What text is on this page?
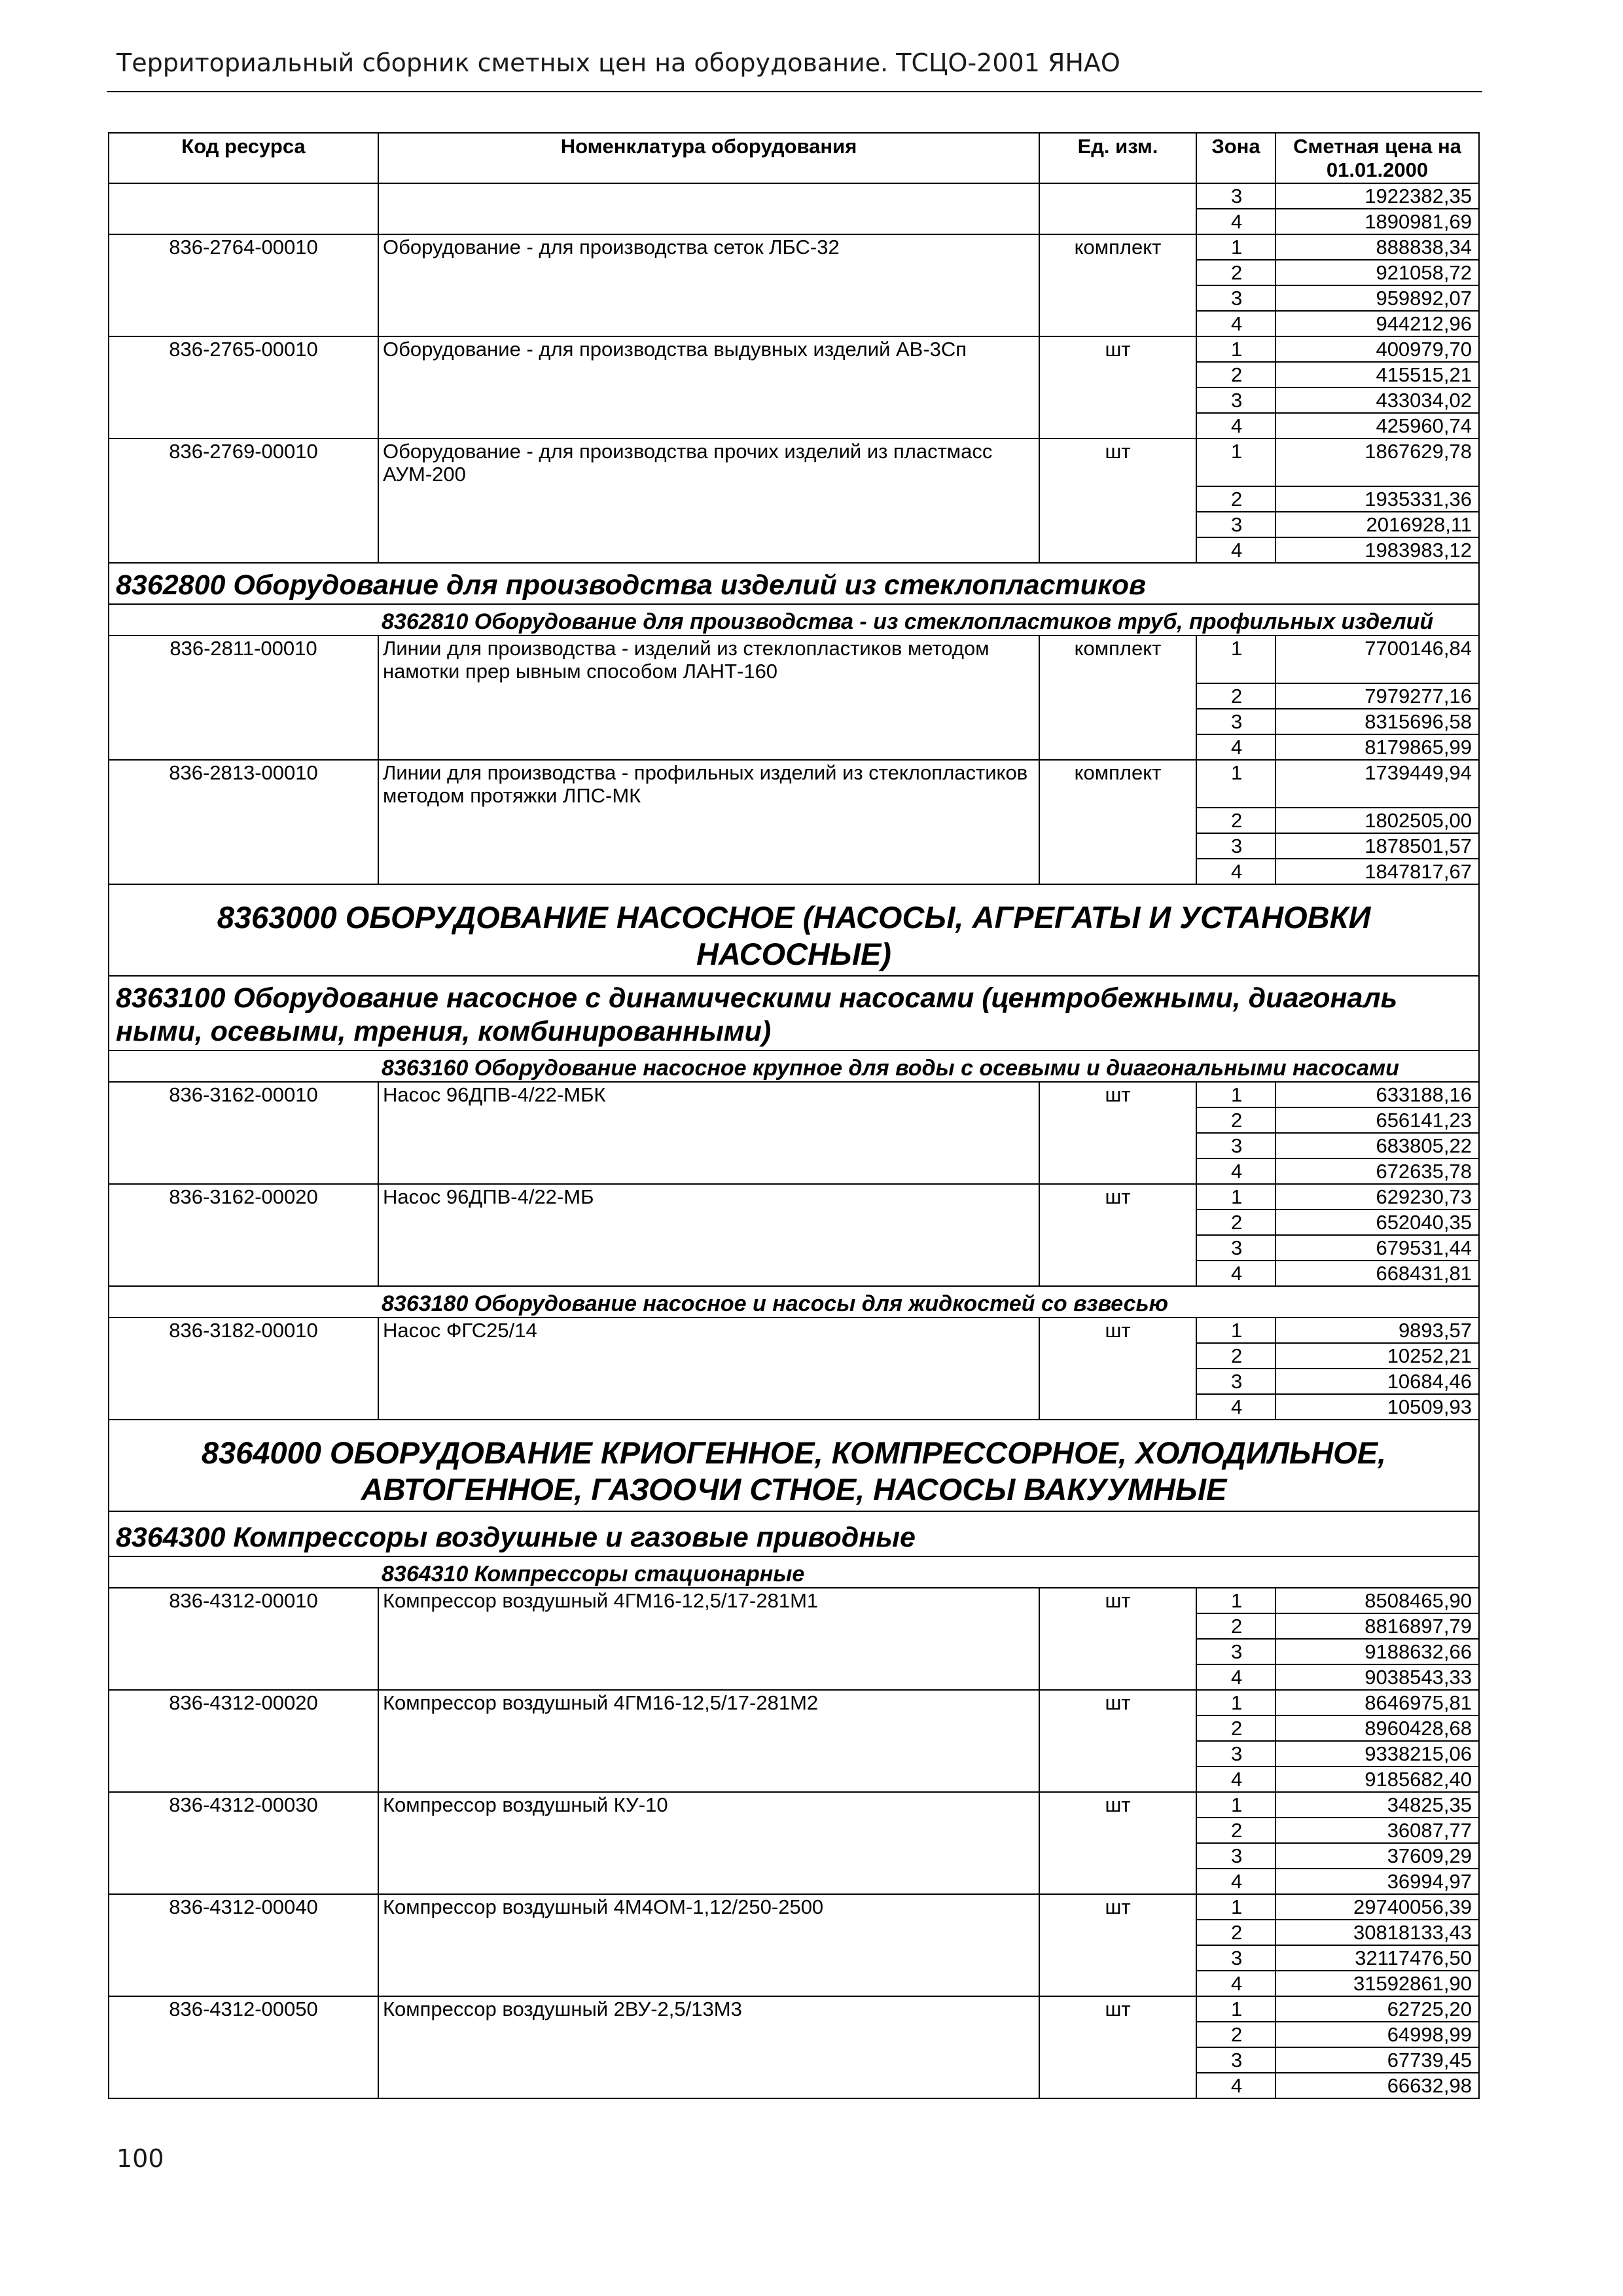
Территориальный сборник сметных цен на оборудование. ТСЦО-2001 ЯНАО
Код ресурса	Номенклатура оборудования	Ед. изм.	Зона	Сметная цена на 01.01.2000
			3	1922382,35
			4	1890981,69
836-2764-00010	Оборудование - для производства сеток ЛБС-32	комплект	1	888838,34
			2	921058,72
			3	959892,07
			4	944212,96
836-2765-00010	Оборудование - для производства выдувных изделий АВ-3Сп	шт	1	400979,70
			2	415515,21
			3	433034,02
			4	425960,74
836-2769-00010	Оборудование - для производства прочих изделий из пластмасс АУМ-200	шт	1	1867629,78
			2	1935331,36
			3	2016928,11
			4	1983983,12
8362800 Оборудование для производства изделий из стеклопластиков				
8362810 Оборудование для производства - из стеклопластиков труб, профильных изделий				
836-2811-00010	Линии для производства - изделий из стеклопластиков методом намотки прер ывным способом ЛАНТ-160	комплект	1	7700146,84
			2	7979277,16
			3	8315696,58
			4	8179865,99
836-2813-00010	Линии для производства - профильных изделий из стеклопластиков методом протяжки ЛПС-МК	комплект	1	1739449,94
			2	1802505,00
			3	1878501,57
			4	1847817,67
8363000 ОБОРУДОВАНИЕ НАСОСНОЕ (НАСОСЫ, АГРЕГАТЫ И УСТАНОВКИ НАСОСНЫЕ)				
8363100 Оборудование насосное с динамическими насосами (центробежными, диагональ ными, осевыми, трения, комбинированными)				
8363160 Оборудование насосное крупное для воды с осевыми и диагональными насосами				
836-3162-00010	Насос 96ДПВ-4/22-МБК	шт	1	633188,16
			2	656141,23
			3	683805,22
			4	672635,78
836-3162-00020	Насос 96ДПВ-4/22-МБ	шт	1	629230,73
			2	652040,35
			3	679531,44
			4	668431,81
8363180 Оборудование насосное и насосы для жидкостей со взвесью				
836-3182-00010	Насос ФГС25/14	шт	1	9893,57
			2	10252,21
			3	10684,46
			4	10509,93
8364000 ОБОРУДОВАНИЕ КРИОГЕННОЕ, КОМПРЕССОРНОЕ, ХОЛОДИЛЬНОЕ, АВТОГЕННОЕ, ГАЗООЧИ СТНОЕ, НАСОСЫ ВАКУУМНЫЕ				
8364300 Компрессоры воздушные и газовые приводные				
8364310 Компрессоры стационарные				
836-4312-00010	Компрессор воздушный 4ГМ16-12,5/17-281М1	шт	1	8508465,90
			2	8816897,79
			3	9188632,66
			4	9038543,33
836-4312-00020	Компрессор воздушный 4ГМ16-12,5/17-281М2	шт	1	8646975,81
			2	8960428,68
			3	9338215,06
			4	9185682,40
836-4312-00030	Компрессор воздушный КУ-10	шт	1	34825,35
			2	36087,77
			3	37609,29
			4	36994,97
836-4312-00040	Компрессор воздушный 4М4ОМ-1,12/250-2500	шт	1	29740056,39
			2	30818133,43
			3	32117476,50
			4	31592861,90
836-4312-00050	Компрессор воздушный 2ВУ-2,5/13М3	шт	1	62725,20
			2	64998,99
			3	67739,45
			4	66632,98
100
